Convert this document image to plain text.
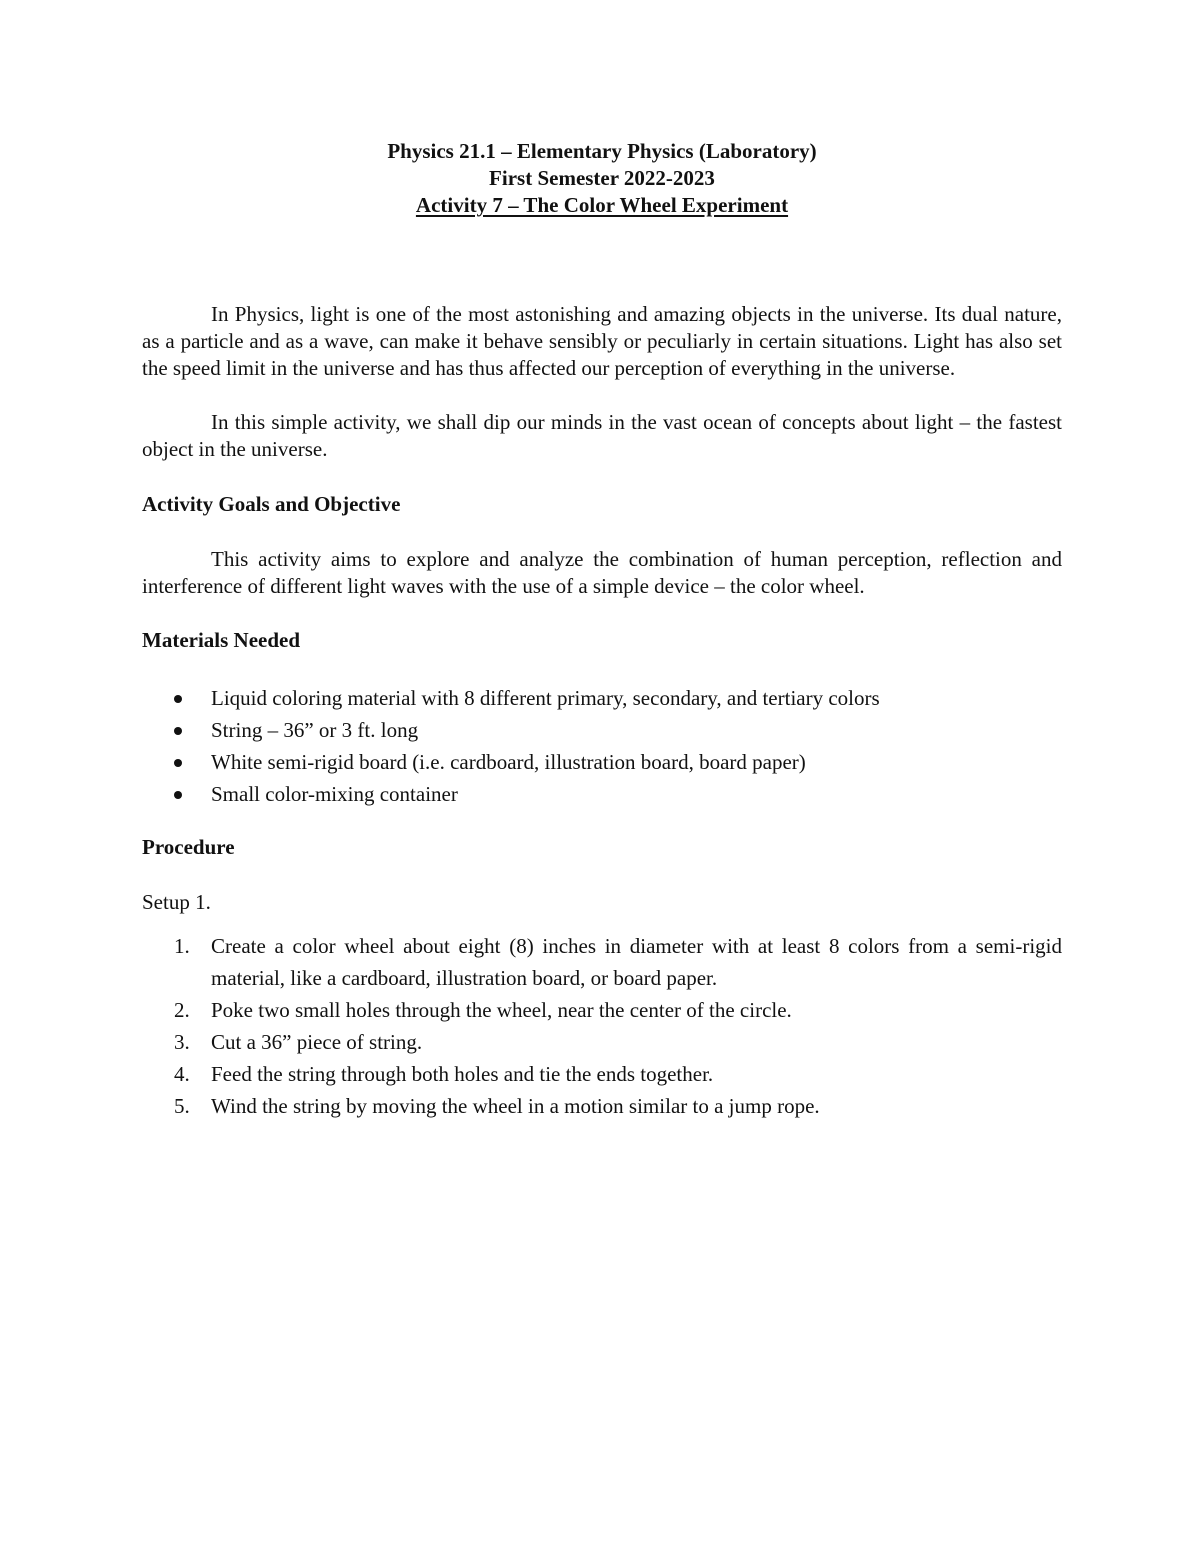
Physics 21.1 – Elementary Physics (Laboratory)
First Semester 2022-2023
Activity 7 – The Color Wheel Experiment

In Physics, light is one of the most astonishing and amazing objects in the universe. Its dual nature, as a particle and as a wave, can make it behave sensibly or peculiarly in certain situations. Light has also set the speed limit in the universe and has thus affected our perception of everything in the universe.

In this simple activity, we shall dip our minds in the vast ocean of concepts about light – the fastest object in the universe.

Activity Goals and Objective

This activity aims to explore and analyze the combination of human perception, reflection and interference of different light waves with the use of a simple device – the color wheel.

Materials Needed
Liquid coloring material with 8 different primary, secondary, and tertiary colors
String – 36” or 3 ft. long
White semi-rigid board (i.e. cardboard, illustration board, board paper)
Small color-mixing container
Procedure

Setup 1.

1. Create a color wheel about eight (8) inches in diameter with at least 8 colors from a semi-rigid material, like a cardboard, illustration board, or board paper.
2. Poke two small holes through the wheel, near the center of the circle.
3. Cut a 36” piece of string.
4. Feed the string through both holes and tie the ends together.
5. Wind the string by moving the wheel in a motion similar to a jump rope.
